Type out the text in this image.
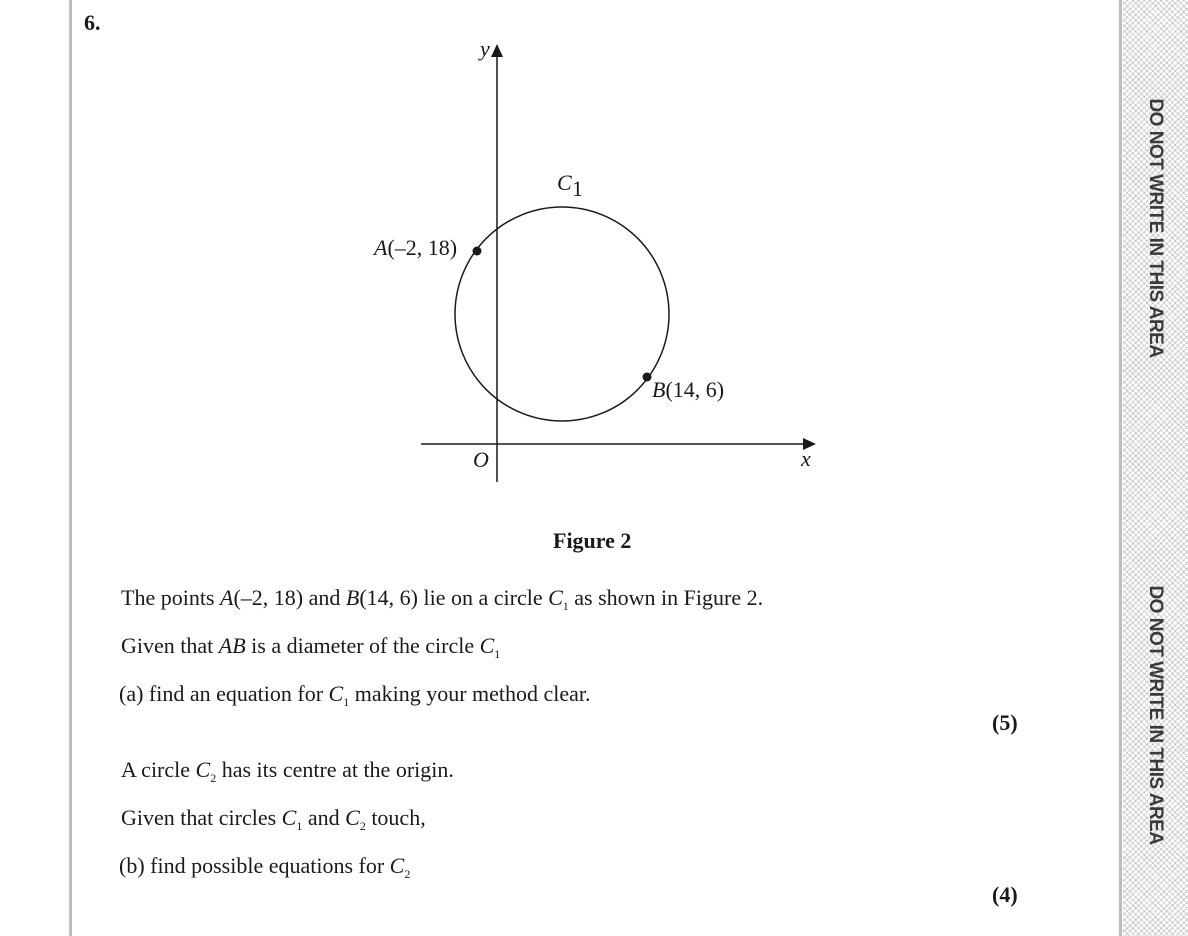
DO NOT WRITE IN THIS AREA
DO NOT WRITE IN THIS AREA
6.
y
x
O
C 1
A(–2, 18)
B(14, 6)
Figure 2
The points A(–2, 18) and B(14, 6) lie on a circle $C_1$ as shown in Figure 2.
Given that AB is a diameter of the circle $C_1$
(a) find an equation for $C_1$ making your method clear.
(5)
A circle $C_2$ has its centre at the origin.
Given that circles $C_1$ and $C_2$ touch,
(b) find possible equations for $C_2$
(4)
